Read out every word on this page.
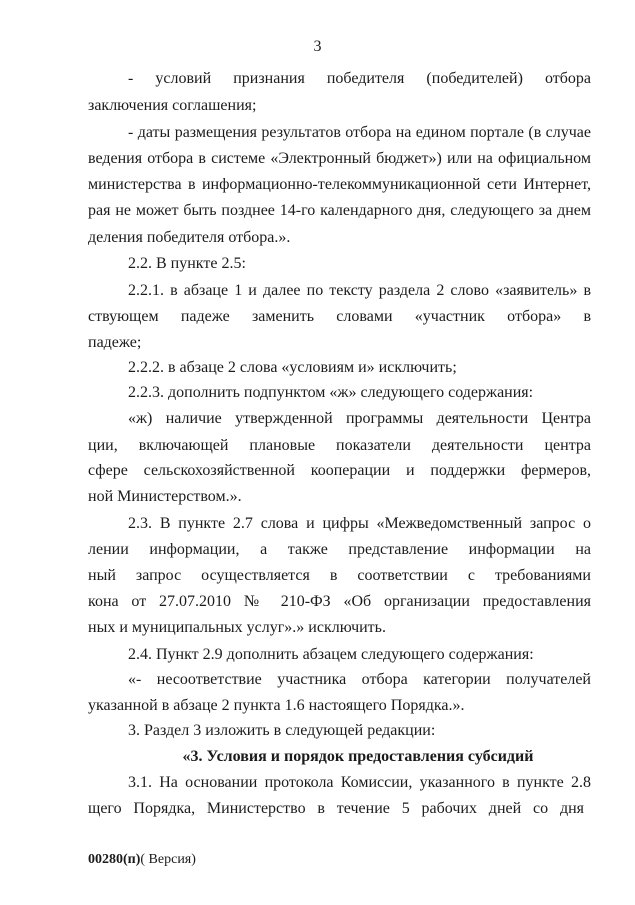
3
- условий признания победителя (победителей) отбора
заключения соглашения;
- даты размещения результатов отбора на едином портале (в случае
ведения отбора в системе «Электронный бюджет») или на официальном
министерства в информационно-телекоммуникационной сети Интернет,
рая не может быть позднее 14-го календарного дня, следующего за днем
деления победителя отбора.».
2.2. В пункте 2.5:
2.2.1. в абзаце 1 и далее по тексту раздела 2 слово «заявитель» в
ствующем падеже заменить словами «участник отбора» в
падеже;
2.2.2. в абзаце 2 слова «условиям и» исключить;
2.2.3. дополнить подпунктом «ж» следующего содержания:
«ж) наличие утвержденной программы деятельности Центра
ции, включающей плановые показатели деятельности центра
сфере сельскохозяйственной кооперации и поддержки фермеров,
ной Министерством.».
2.3. В пункте 2.7 слова и цифры «Межведомственный запрос о
лении информации, а также представление информации на
ный запрос осуществляется в соответствии с требованиями
кона от 27.07.2010 № 210-ФЗ «Об организации предоставления
ных и муниципальных услуг».» исключить.
2.4. Пункт 2.9 дополнить абзацем следующего содержания:
«- несоответствие участника отбора категории получателей
указанной в абзаце 2 пункта 1.6 настоящего Порядка.».
3. Раздел 3 изложить в следующей редакции:
«3. Условия и порядок предоставления субсидий
3.1. На основании протокола Комиссии, указанного в пункте 2.8
щего Порядка, Министерство в течение 5 рабочих дней со дня
00280(п)( Версия)
